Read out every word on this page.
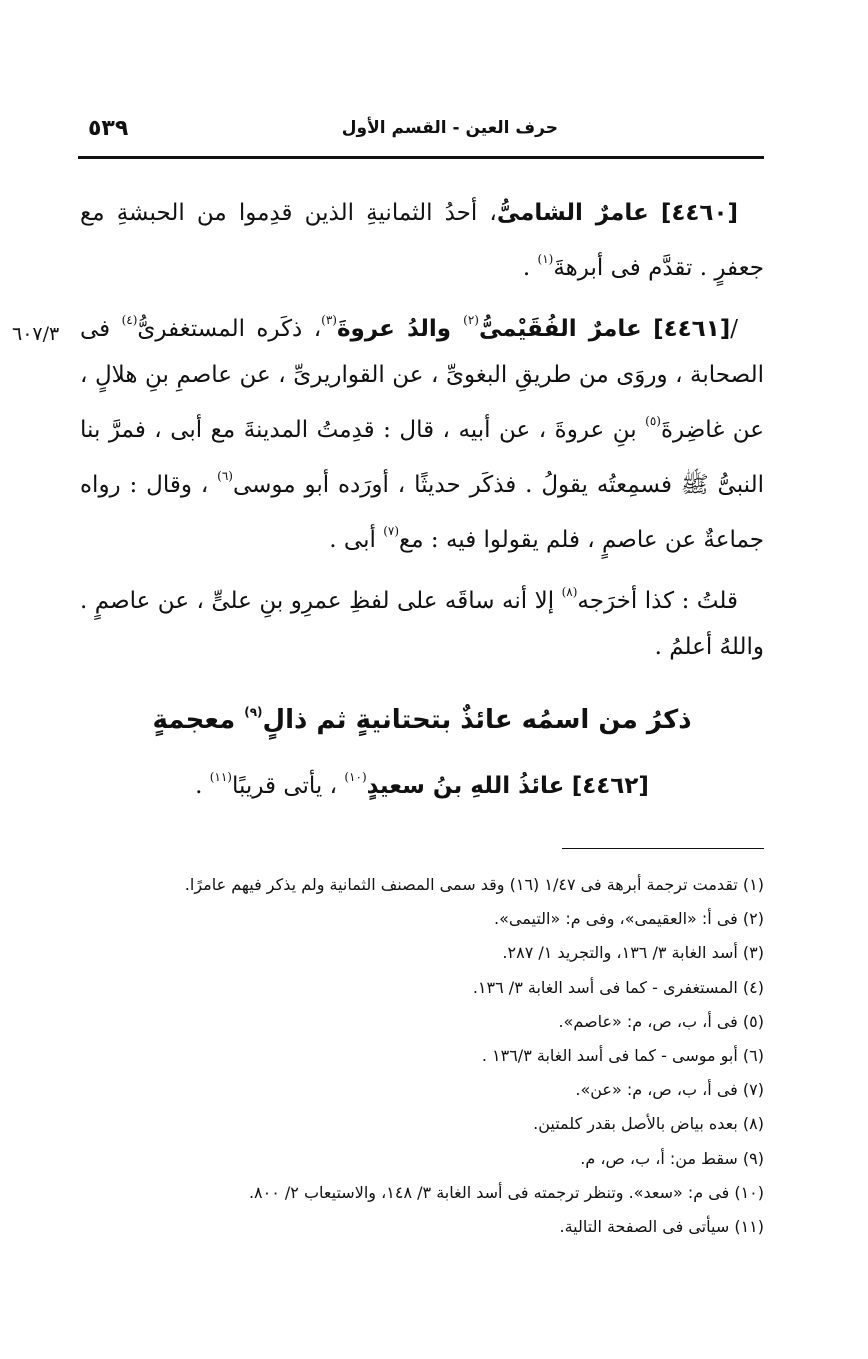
حرف العين - القسم الأول
٥٣٩
٦٠٧/٣

[٤٤٦٠] عامرٌ الشامىُّ، أحدُ الثمانيةِ الذين قدِموا من الحبشةِ مع جعفرٍ . تقدَّم فى أبرهةَ$^{(١)}$ .

/[٤٤٦١] عامرٌ الفُقَيْمىُّ$^{(٢)}$ والدُ عروةَ$^{(٣)}$، ذكَره المستغفرىُّ$^{(٤)}$ فى الصحابة ، وروَى من طريقِ البغوىِّ ، عن القواريرىِّ ، عن عاصمِ بنِ هلالٍ ، عن غاضِرةَ$^{(٥)}$ بنِ عروةَ ، عن أبيه ، قال : قدِمتُ المدينةَ مع أبى ، فمرَّ بنا النبىُّ ﷺ فسمِعتُه يقولُ . فذكَر حديثًا ، أورَده أبو موسى$^{(٦)}$ ، وقال : رواه جماعةٌ عن عاصمٍ ، فلم يقولوا فيه : مع$^{(٧)}$ أبى .

قلتُ : كذا أخرَجه$^{(٨)}$ إلا أنه ساقَه على لفظِ عمرِو بنِ علىٍّ ، عن عاصمٍ . واللهُ أعلمُ .

ذكرُ من اسمُه عائذٌ بتحتانيةٍ ثم ذالٍ$^{(٩)}$ معجمةٍ
[٤٤٦٢] عائذُ اللهِ بنُ سعيدٍ$^{(١٠)}$ ، يأتى قريبًا$^{(١١)}$ .
(١) تقدمت ترجمة أبرهة فى ١/٤٧ (١٦) وقد سمى المصنف الثمانية ولم يذكر فيهم عامرًا.
(٢) فى أ: «العقيمى»، وفى م: «التيمى».
(٣) أسد الغابة ٣/ ١٣٦، والتجريد ١/ ٢٨٧.
(٤) المستغفرى - كما فى أسد الغابة ٣/ ١٣٦.
(٥) فى أ، ب، ص، م: «عاصم».
(٦) أبو موسى - كما فى أسد الغابة ١٣٦/٣ .
(٧) فى أ، ب، ص، م: «عن».
(٨) بعده بياض بالأصل بقدر كلمتين.
(٩) سقط من: أ، ب، ص، م.
(١٠) فى م: «سعد». وتنظر ترجمته فى أسد الغابة ٣/ ١٤٨، والاستيعاب ٢/ ٨٠٠.
(١١) سيأتى فى الصفحة التالية.
